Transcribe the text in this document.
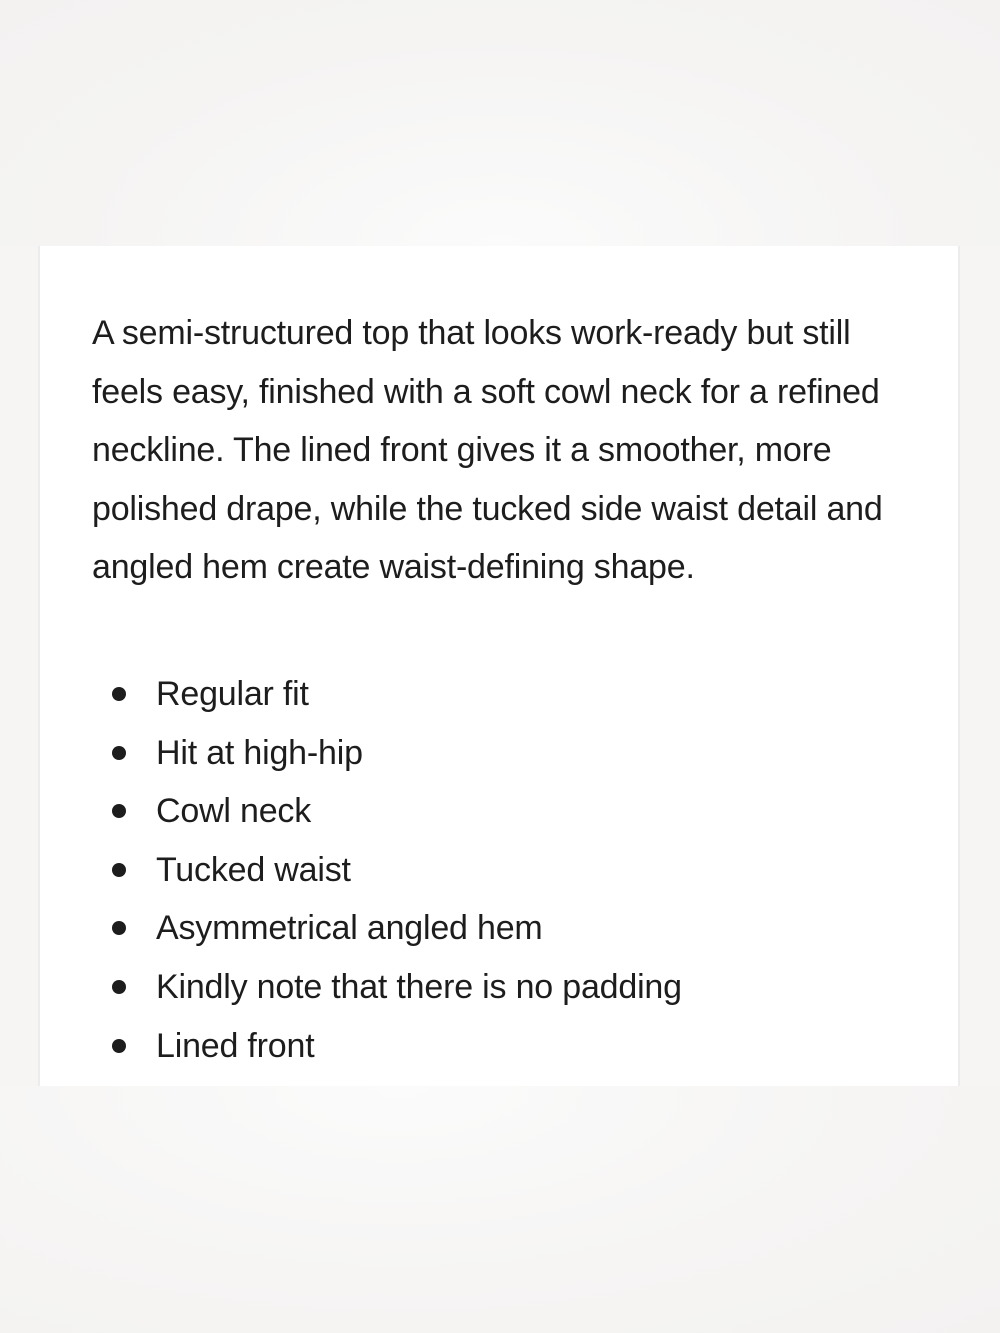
A semi-structured top that looks work-ready but still feels easy, finished with a soft cowl neck for a refined neckline. The lined front gives it a smoother, more polished drape, while the tucked side waist detail and angled hem create waist-defining shape.

Regular fit
Hit at high-hip
Cowl neck
Tucked waist
Asymmetrical angled hem
Kindly note that there is no padding
Lined front
